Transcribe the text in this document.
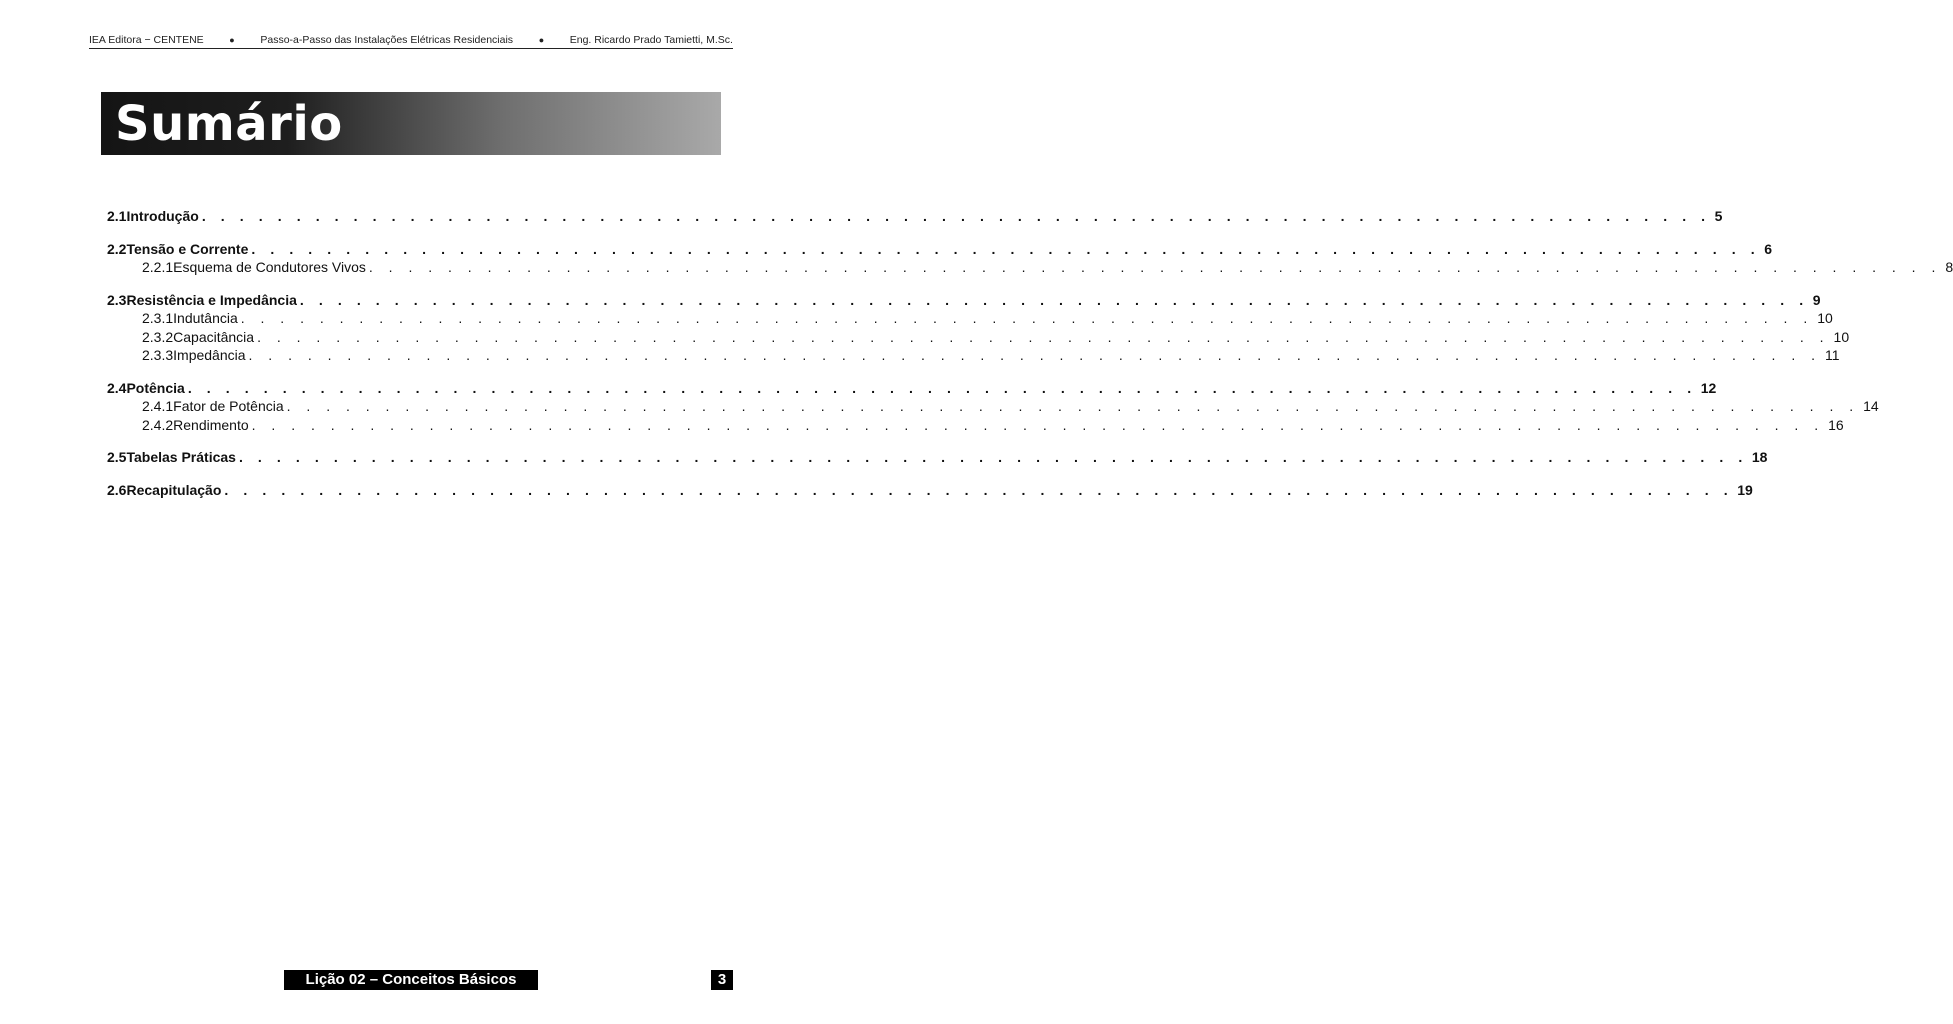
IEA Editora − CENTENE	● Passo-a-Passo das Instalações Elétricas Residenciais	● Eng. Ricardo Prado Tamietti, M.Sc.
Sumário
2.1 Introdução . . . . . . . . . . . . . . . . . . . . . . . . . . . . . . . . . . . . . . . . . . . . . . . . . . . . . . . . . . . . . . . . . . . . . . . . . . . . . . . . 5
2.2 Tensão e Corrente . . . . . . . . . . . . . . . . . . . . . . . . . . . . . . . . . . . . . . . . . . . . . . . . . . . . . . . . . . . . . . . . . . . . . . . . . . . . . . . . 6
2.2.1 Esquema de Condutores Vivos . . . . . . . . . . . . . . . . . . . . . . . . . . . . . . . . . . . . . . . . . . . . . . . . . . . . . . . . . . . . . . . . . . . . . . . . . . . . . . . . 8
2.3 Resistência e Impedância . . . . . . . . . . . . . . . . . . . . . . . . . . . . . . . . . . . . . . . . . . . . . . . . . . . . . . . . . . . . . . . . . . . . . . . . . . . . . . . . 9
2.3.1 Indutância . . . . . . . . . . . . . . . . . . . . . . . . . . . . . . . . . . . . . . . . . . . . . . . . . . . . . . . . . . . . . . . . . . . . . . . . . . . . . . . . 10
2.3.2 Capacitância . . . . . . . . . . . . . . . . . . . . . . . . . . . . . . . . . . . . . . . . . . . . . . . . . . . . . . . . . . . . . . . . . . . . . . . . . . . . . . . . 10
2.3.3 Impedância . . . . . . . . . . . . . . . . . . . . . . . . . . . . . . . . . . . . . . . . . . . . . . . . . . . . . . . . . . . . . . . . . . . . . . . . . . . . . . . . 11
2.4 Potência . . . . . . . . . . . . . . . . . . . . . . . . . . . . . . . . . . . . . . . . . . . . . . . . . . . . . . . . . . . . . . . . . . . . . . . . . . . . . . . . 12
2.4.1 Fator de Potência . . . . . . . . . . . . . . . . . . . . . . . . . . . . . . . . . . . . . . . . . . . . . . . . . . . . . . . . . . . . . . . . . . . . . . . . . . . . . . . . 14
2.4.2 Rendimento . . . . . . . . . . . . . . . . . . . . . . . . . . . . . . . . . . . . . . . . . . . . . . . . . . . . . . . . . . . . . . . . . . . . . . . . . . . . . . . . 16
2.5 Tabelas Práticas . . . . . . . . . . . . . . . . . . . . . . . . . . . . . . . . . . . . . . . . . . . . . . . . . . . . . . . . . . . . . . . . . . . . . . . . . . . . . . . . 18
2.6 Recapitulação . . . . . . . . . . . . . . . . . . . . . . . . . . . . . . . . . . . . . . . . . . . . . . . . . . . . . . . . . . . . . . . . . . . . . . . . . . . . . . . . 19
Lição 02 – Conceitos Básicos	3
